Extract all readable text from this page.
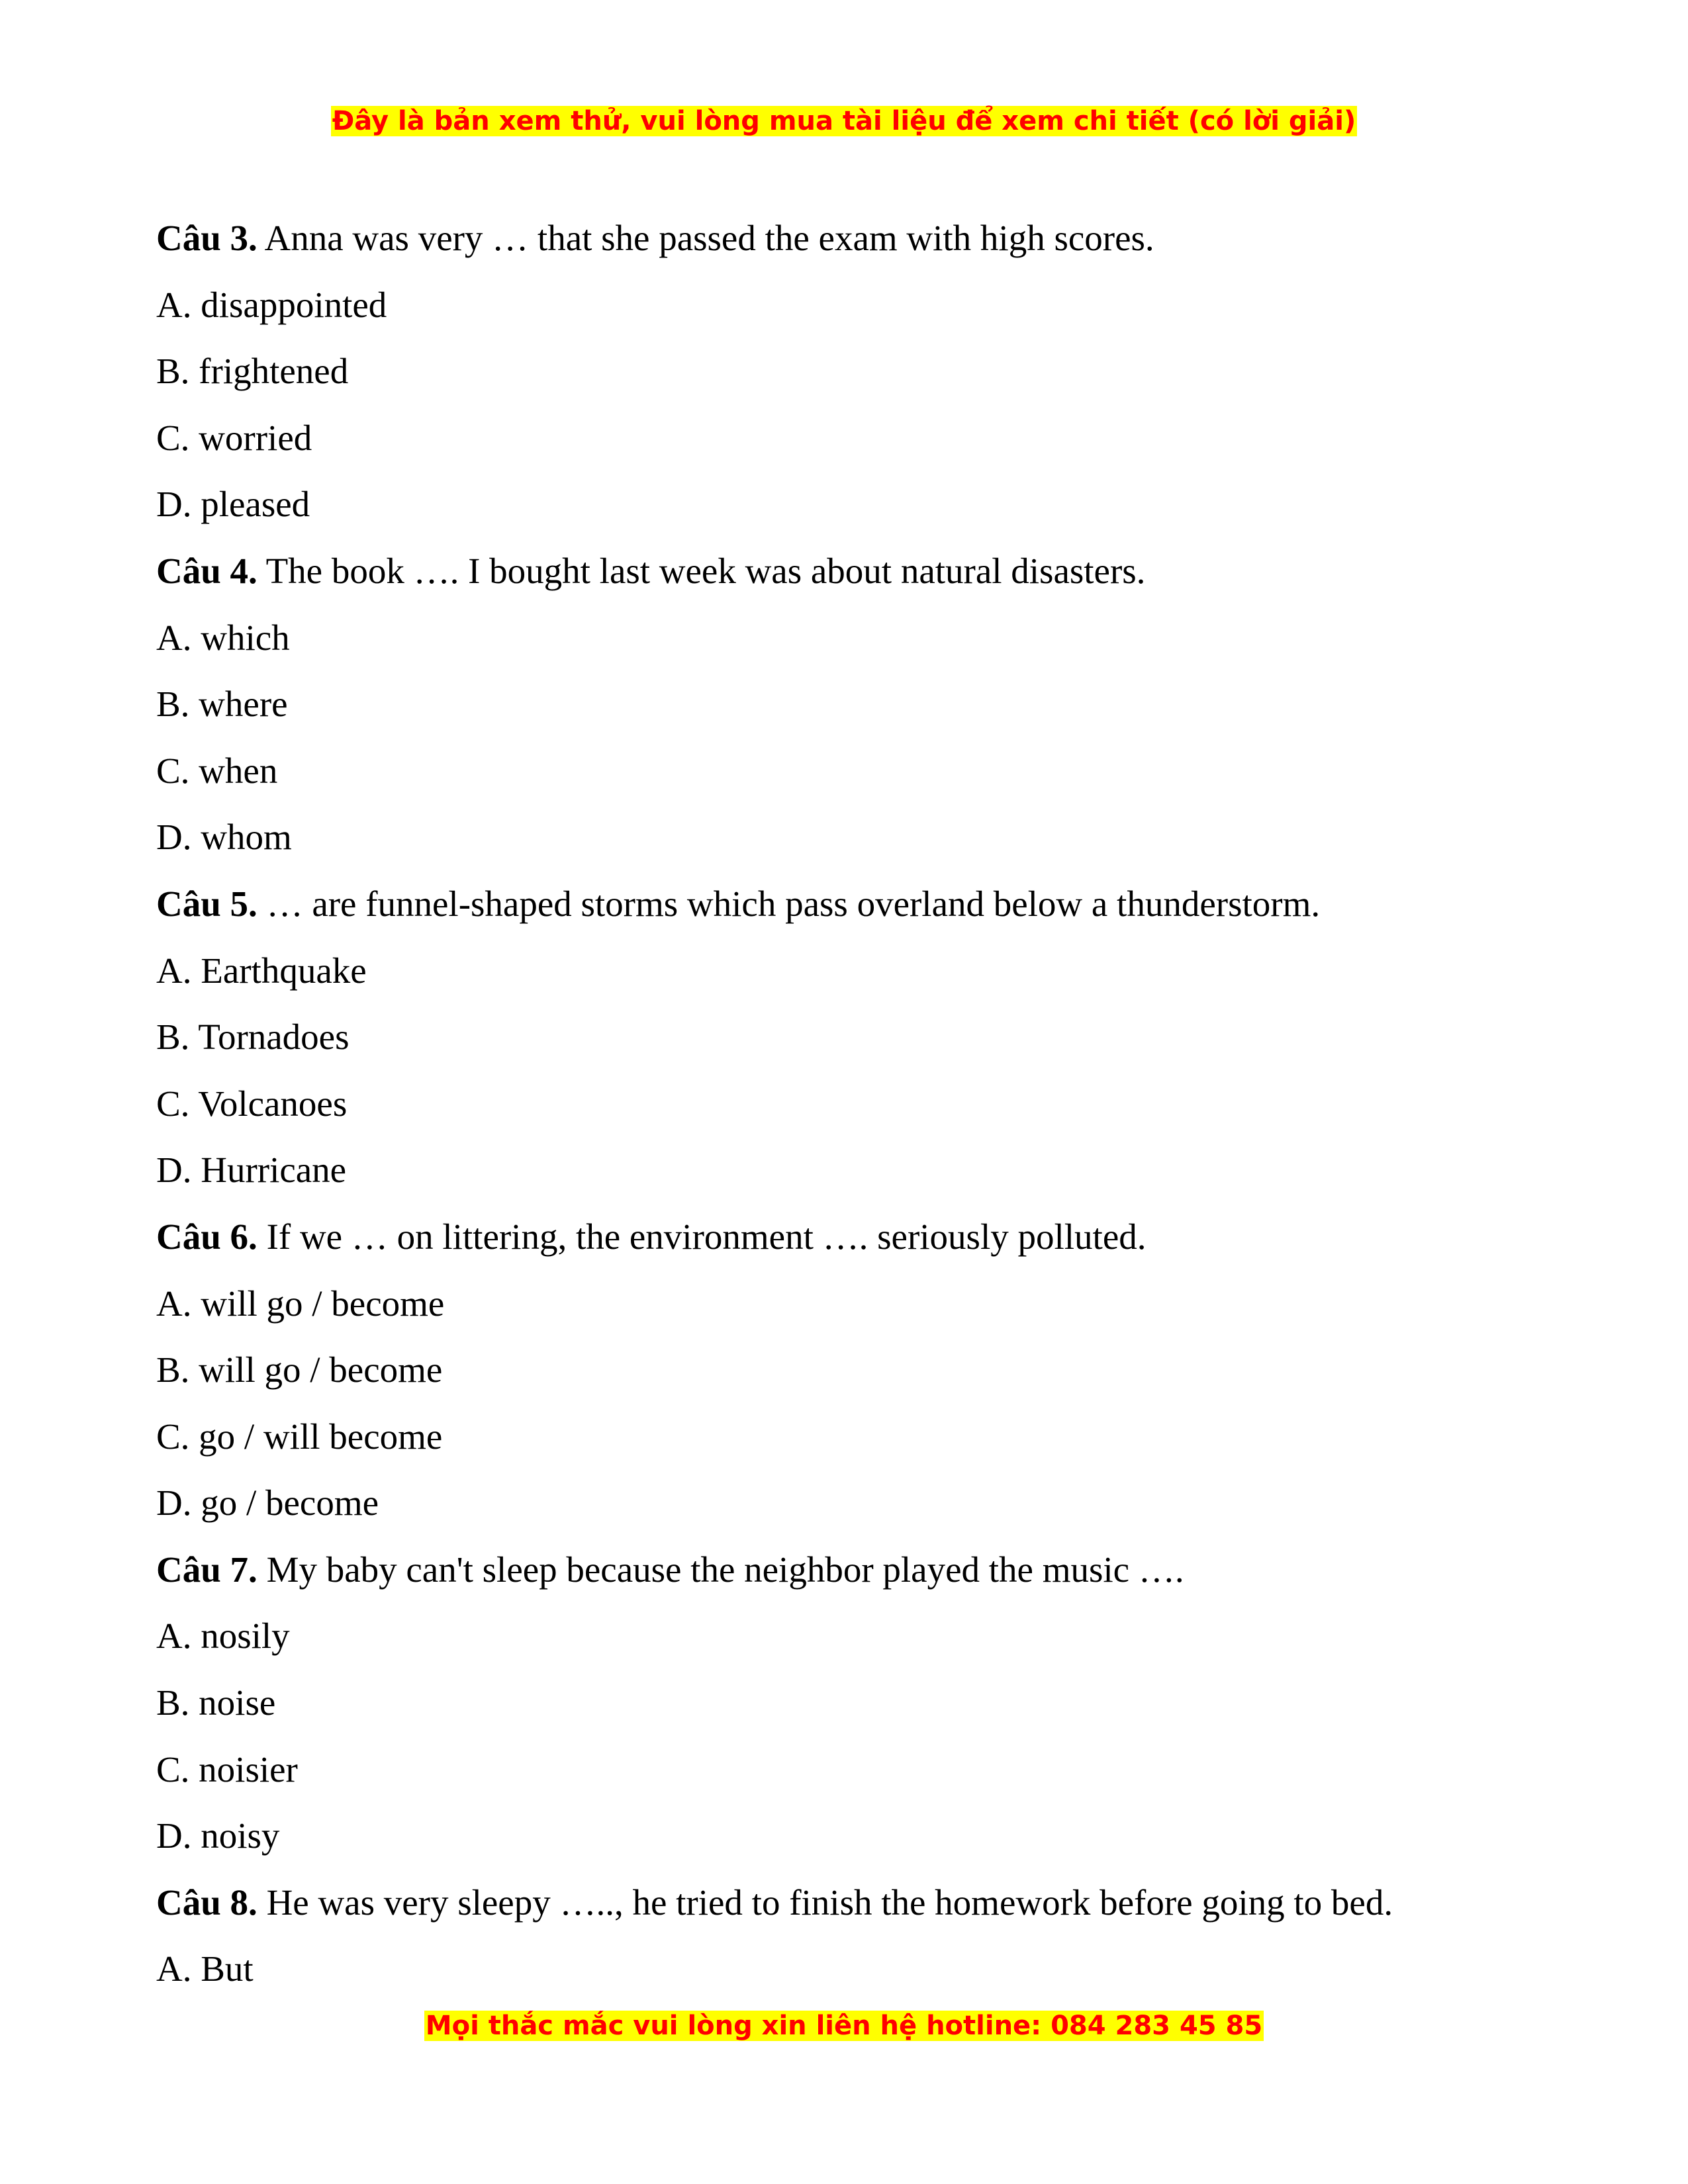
Đây là bản xem thử, vui lòng mua tài liệu để xem chi tiết (có lời giải)
Câu 3. Anna was very … that she passed the exam with high scores.
A. disappointed
B. frightened
C. worried
D. pleased
Câu 4. The book …. I bought last week was about natural disasters.
A. which
B. where
C. when
D. whom
Câu 5. … are funnel-shaped storms which pass overland below a thunderstorm.
A. Earthquake
B. Tornadoes
C. Volcanoes
D. Hurricane
Câu 6. If we … on littering, the environment …. seriously polluted.
A. will go / become
B. will go / become
C. go / will become
D. go / become
Câu 7. My baby can't sleep because the neighbor played the music ….
A. nosily
B. noise
C. noisier
D. noisy
Câu 8. He was very sleepy ….., he tried to finish the homework before going to bed.
A. But
Mọi thắc mắc vui lòng xin liên hệ hotline: 084 283 45 85
